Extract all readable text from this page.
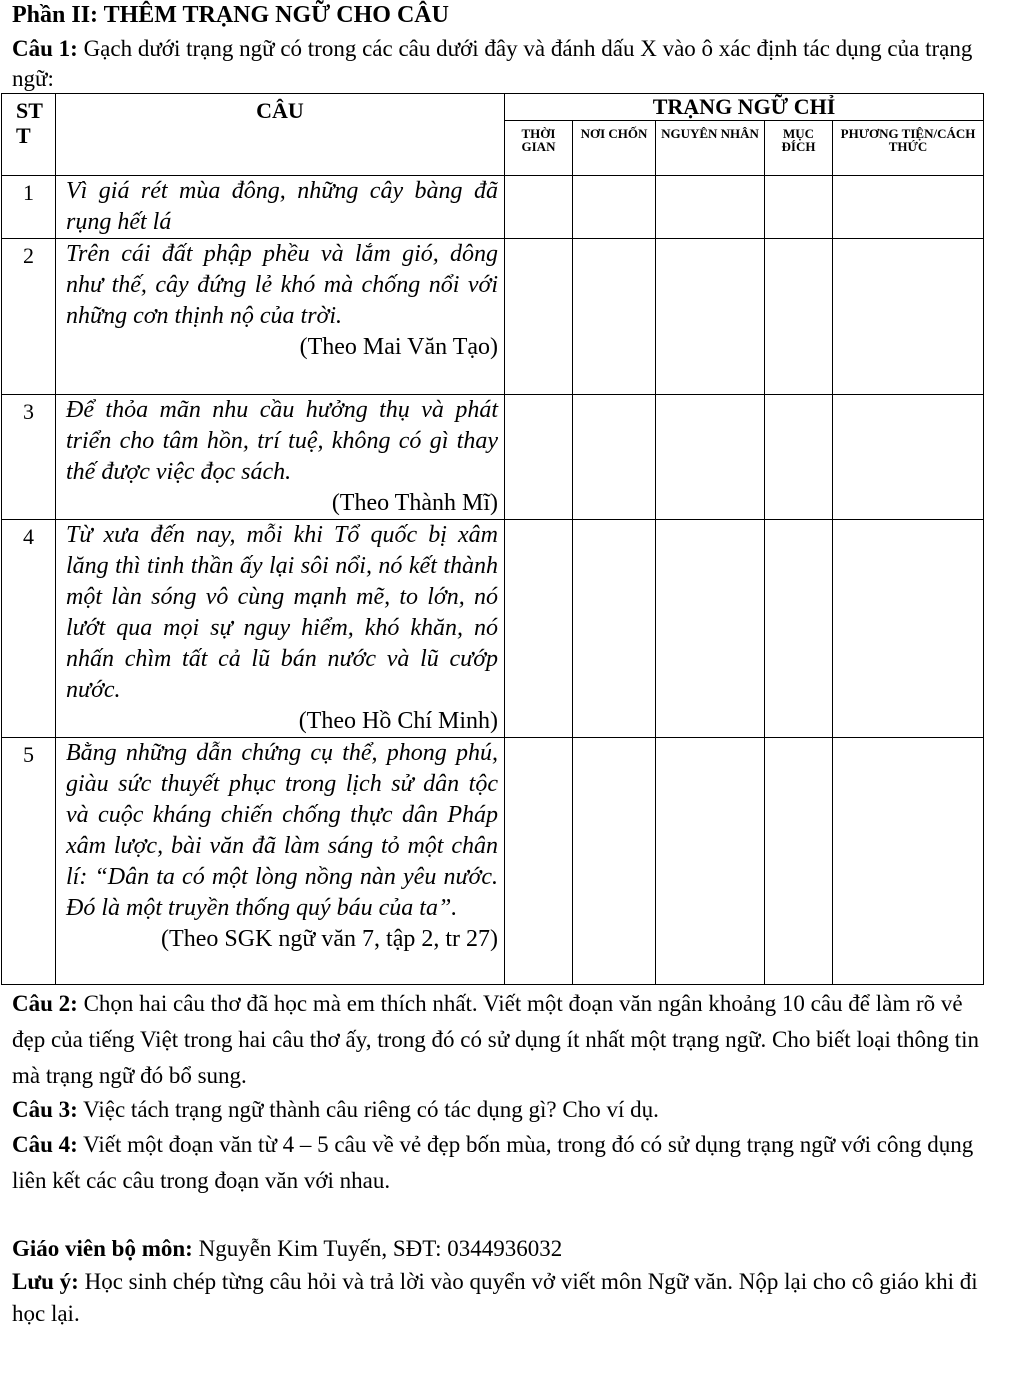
Phần II: THÊM TRẠNG NGỮ CHO CÂU
Câu 1: Gạch dưới trạng ngữ có trong các câu dưới đây và đánh dấu X vào ô xác định tác dụng của trạng ngữ:
STT	CÂU	TRẠNG NGỮ CHỈ				
		THỜI GIAN	NƠI CHỐN	NGUYÊN NHÂN	MỤC ĐÍCH	PHƯƠNG TIỆN/CÁCH THỨC
1	Vì giá rét mùa đông, những cây bàng đã rụng hết lá					

2	Trên cái đất phập phều và lắm gió, dông như thế, cây đứng lẻ khó mà chống nổi với những cơn thịnh nộ của trời.
(Theo Mai Văn Tạo)					

3	Để thỏa mãn nhu cầu hưởng thụ và phát triển cho tâm hồn, trí tuệ, không có gì thay thế được việc đọc sách.
(Theo Thành Mĩ)					

4	Từ xưa đến nay, mỗi khi Tổ quốc bị xâm lăng thì tinh thần ấy lại sôi nổi, nó kết thành một làn sóng vô cùng mạnh mẽ, to lớn, nó lướt qua mọi sự nguy hiểm, khó khăn, nó nhấn chìm tất cả lũ bán nước và lũ cướp nước.
(Theo Hồ Chí Minh)					

5	Bằng những dẫn chứng cụ thể, phong phú, giàu sức thuyết phục trong lịch sử dân tộc và cuộc kháng chiến chống thực dân Pháp xâm lược, bài văn đã làm sáng tỏ một chân lí: “Dân ta có một lòng nồng nàn yêu nước. Đó là một truyền thống quý báu của ta”.
(Theo SGK ngữ văn 7, tập 2, tr 27)					

Câu 2: Chọn hai câu thơ đã học mà em thích nhất. Viết một đoạn văn ngân khoảng 10 câu để làm rõ vẻ đẹp của tiếng Việt trong hai câu thơ ấy, trong đó có sử dụng ít nhất một trạng ngữ. Cho biết loại thông tin mà trạng ngữ đó bổ sung.
Câu 3: Việc tách trạng ngữ thành câu riêng có tác dụng gì? Cho ví dụ.
Câu 4: Viết một đoạn văn từ 4 – 5 câu về vẻ đẹp bốn mùa, trong đó có sử dụng trạng ngữ với công dụng liên kết các câu trong đoạn văn với nhau.
Giáo viên bộ môn: Nguyễn Kim Tuyến, SĐT: 0344936032
Lưu ý: Học sinh chép từng câu hỏi và trả lời vào quyển vở viết môn Ngữ văn. Nộp lại cho cô giáo khi đi học lại.
